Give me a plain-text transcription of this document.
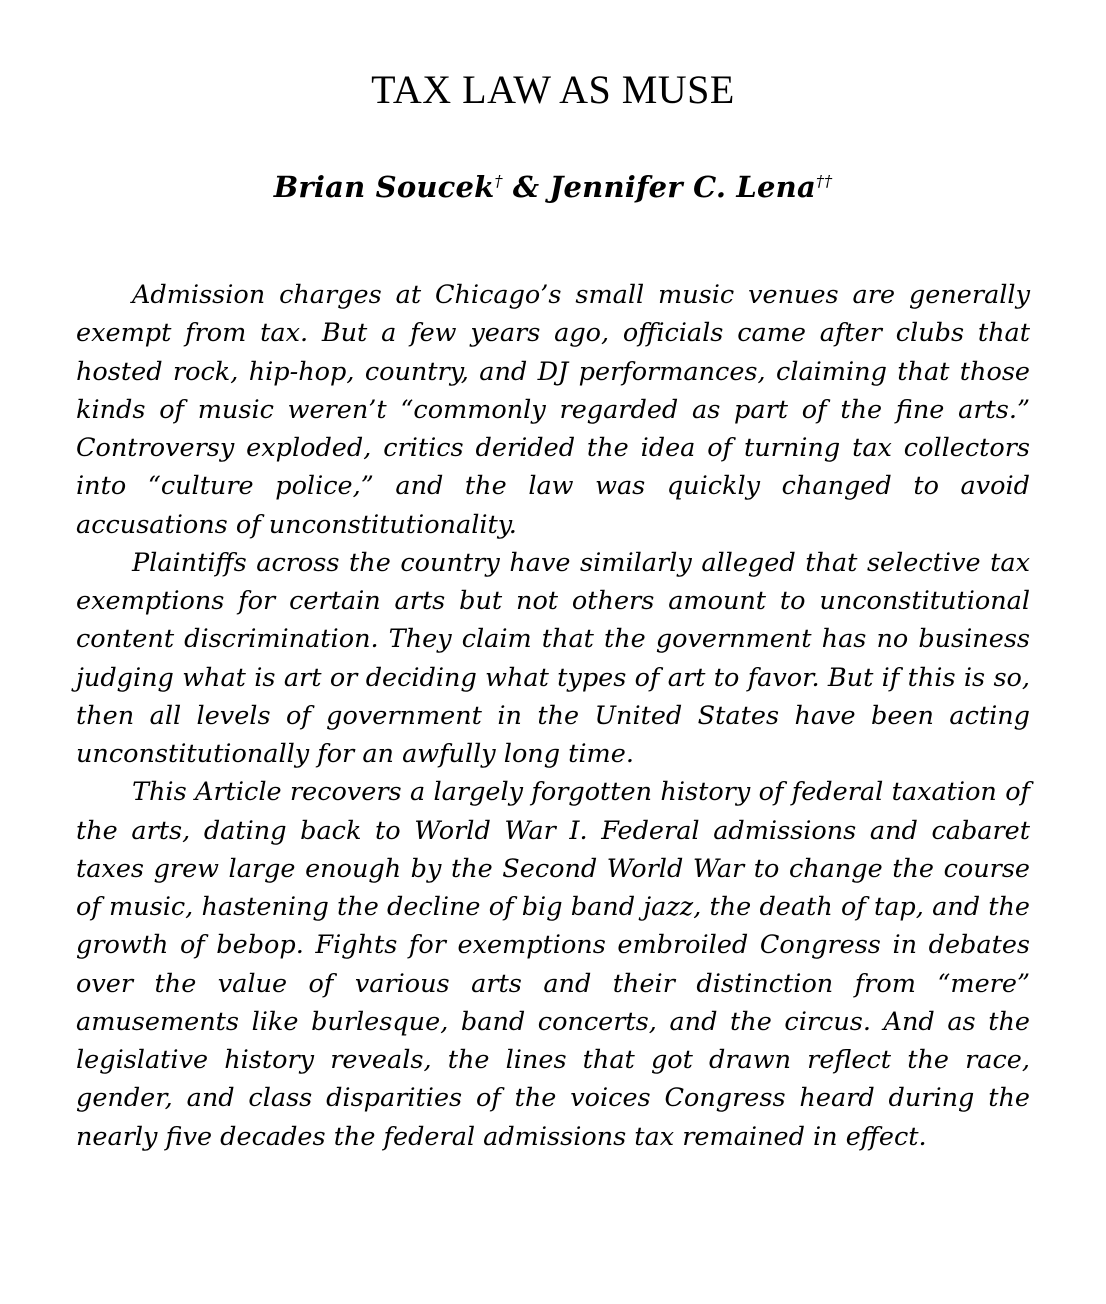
TAX LAW AS MUSE

Brian Soucek† & Jennifer C. Lena††

Admission charges at Chicago’s small music venues are generally exempt from tax. But a few years ago, officials came after clubs that hosted rock, hip-hop, country, and DJ performances, claiming that those kinds of music weren’t “commonly regarded as part of the fine arts.” Controversy exploded, critics derided the idea of turning tax collectors into “culture police,” and the law was quickly changed to avoid accusations of unconstitutionality.

Plaintiffs across the country have similarly alleged that selective tax exemptions for certain arts but not others amount to unconstitutional content discrimination. They claim that the government has no business judging what is art or deciding what types of art to favor. But if this is so, then all levels of government in the United States have been acting unconstitutionally for an awfully long time.

This Article recovers a largely forgotten history of federal taxation of the arts, dating back to World War I. Federal admissions and cabaret taxes grew large enough by the Second World War to change the course of music, hastening the decline of big band jazz, the death of tap, and the growth of bebop. Fights for exemptions embroiled Congress in debates over the value of various arts and their distinction from “mere” amusements like burlesque, band concerts, and the circus. And as the legislative history reveals, the lines that got drawn reflect the race, gender, and class disparities of the voices Congress heard during the nearly five decades the federal admissions tax remained in effect.
